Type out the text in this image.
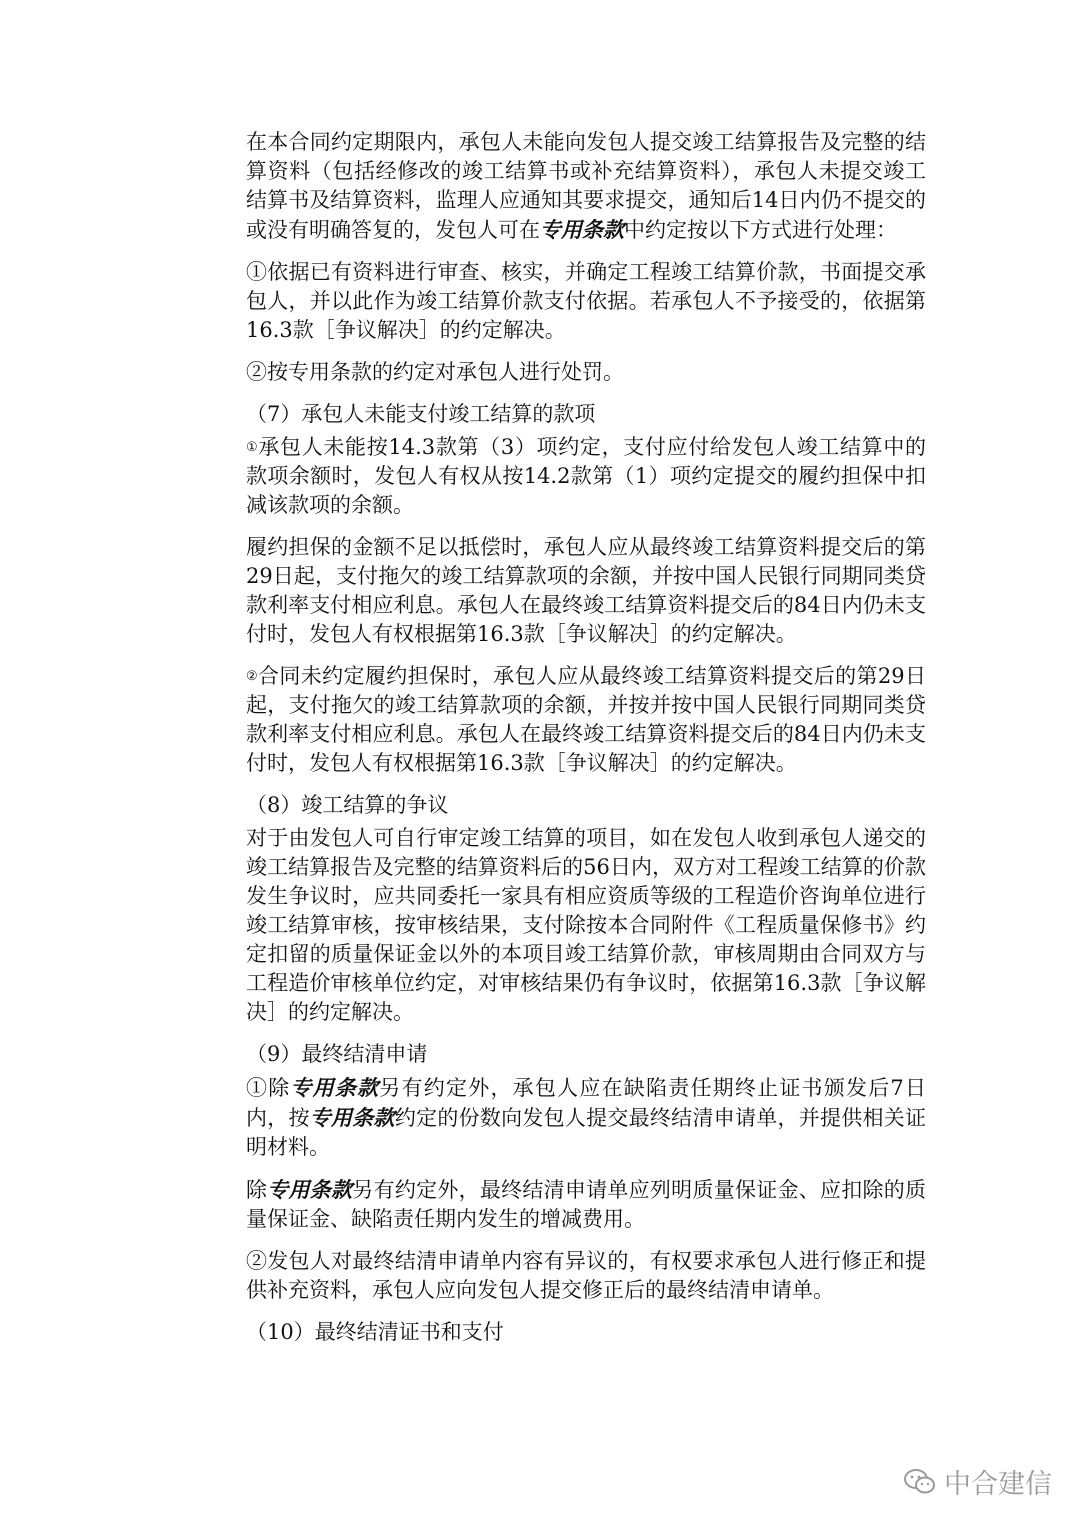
在本合同约定期限内，承包人未能向发包人提交竣工结算报告及完整的结算资料（包括经修改的竣工结算书或补充结算资料），承包人未提交竣工结算书及结算资料，监理人应通知其要求提交，通知后14日内仍不提交的或没有明确答复的，发包人可在专用条款中约定按以下方式进行处理：

①依据已有资料进行审查、核实，并确定工程竣工结算价款，书面提交承包人，并以此作为竣工结算价款支付依据。若承包人不予接受的，依据第16.3款［争议解决］的约定解决。

②按专用条款的约定对承包人进行处罚。

（7）承包人未能支付竣工结算的款项

①承包人未能按14.3款第（3）项约定，支付应付给发包人竣工结算中的款项余额时，发包人有权从按14.2款第（1）项约定提交的履约担保中扣减该款项的余额。

履约担保的金额不足以抵偿时，承包人应从最终竣工结算资料提交后的第29日起，支付拖欠的竣工结算款项的余额，并按中国人民银行同期同类贷款利率支付相应利息。承包人在最终竣工结算资料提交后的84日内仍未支付时，发包人有权根据第16.3款［争议解决］的约定解决。

②合同未约定履约担保时，承包人应从最终竣工结算资料提交后的第29日起，支付拖欠的竣工结算款项的余额，并按并按中国人民银行同期同类贷款利率支付相应利息。承包人在最终竣工结算资料提交后的84日内仍未支付时，发包人有权根据第16.3款［争议解决］的约定解决。

（8）竣工结算的争议

对于由发包人可自行审定竣工结算的项目，如在发包人收到承包人递交的竣工结算报告及完整的结算资料后的56日内，双方对工程竣工结算的价款发生争议时，应共同委托一家具有相应资质等级的工程造价咨询单位进行竣工结算审核，按审核结果，支付除按本合同附件《工程质量保修书》约定扣留的质量保证金以外的本项目竣工结算价款，审核周期由合同双方与工程造价审核单位约定，对审核结果仍有争议时，依据第16.3款［争议解决］的约定解决。

（9）最终结清申请

①除专用条款另有约定外，承包人应在缺陷责任期终止证书颁发后7日内，按专用条款约定的份数向发包人提交最终结清申请单，并提供相关证明材料。

除专用条款另有约定外，最终结清申请单应列明质量保证金、应扣除的质量保证金、缺陷责任期内发生的增减费用。

②发包人对最终结清申请单内容有异议的，有权要求承包人进行修正和提供补充资料，承包人应向发包人提交修正后的最终结清申请单。

（10）最终结清证书和支付

中合建信
